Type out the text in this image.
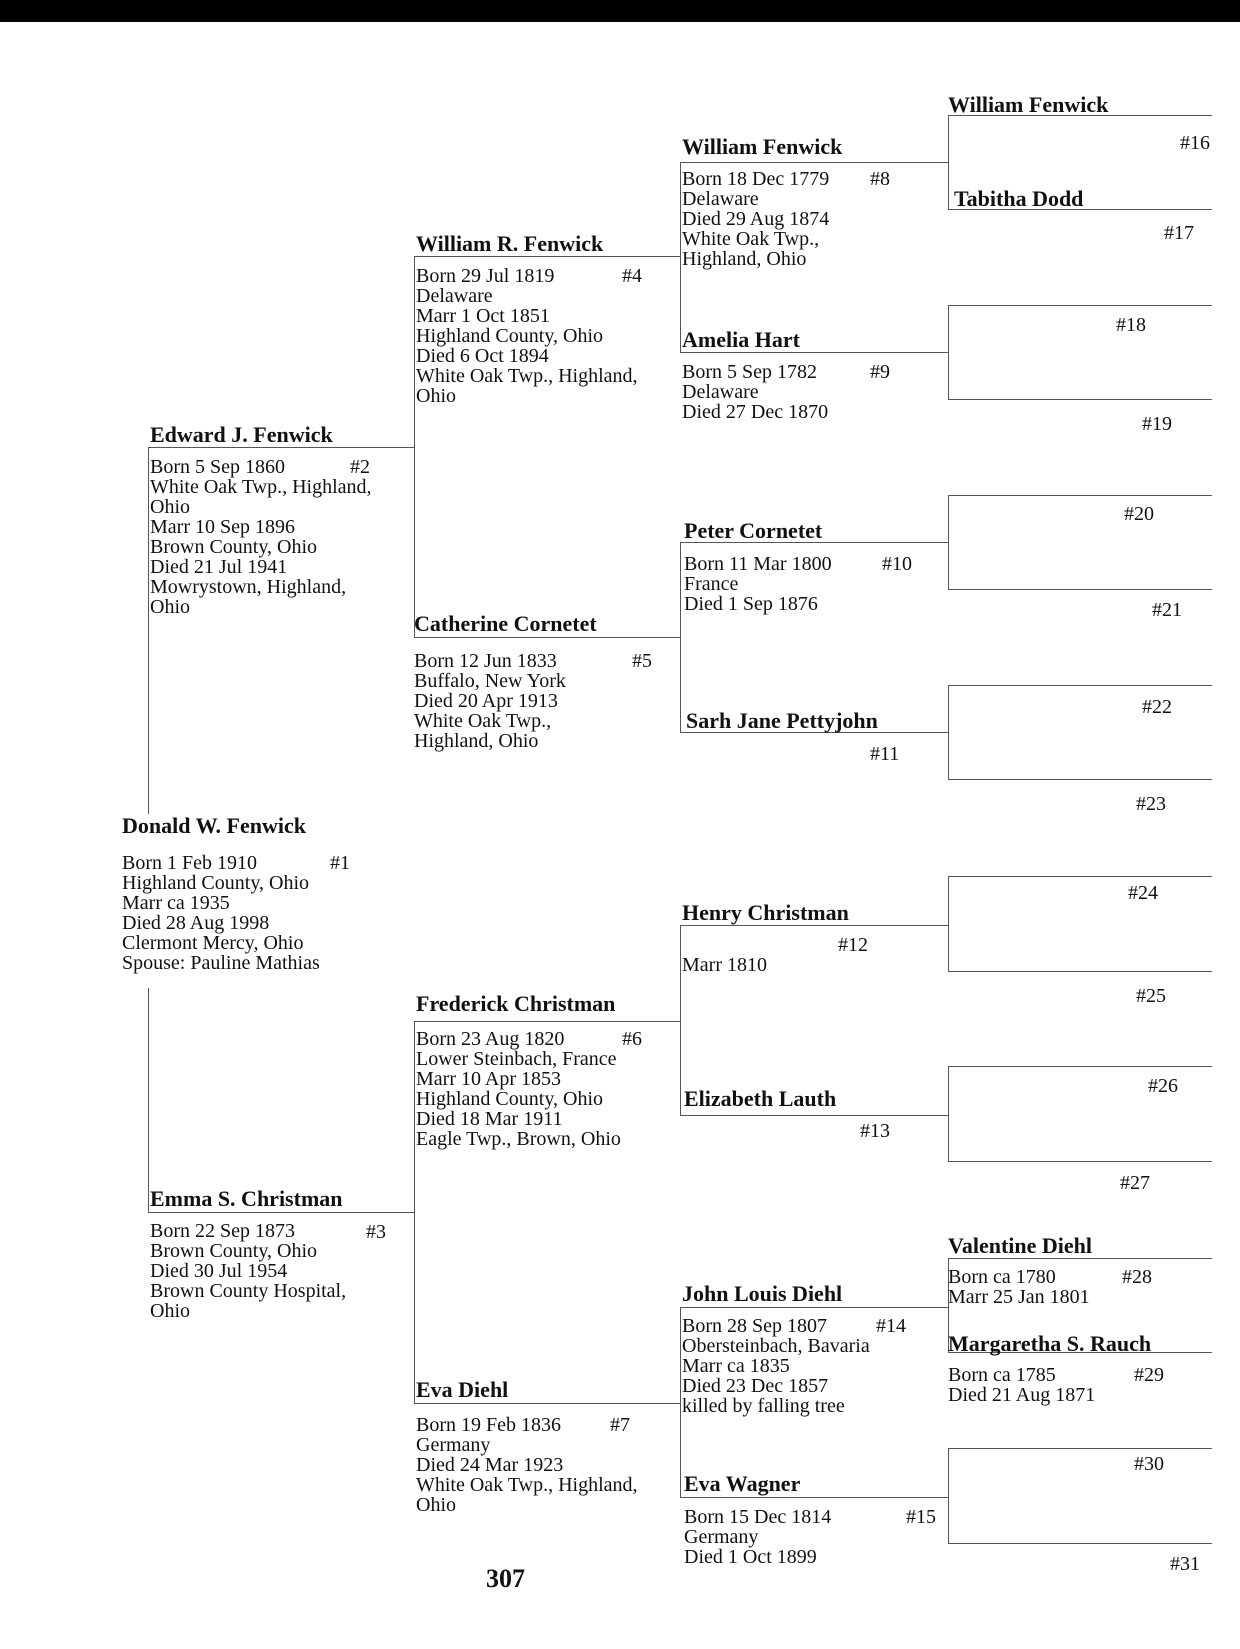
Donald W. Fenwick
#1
Born 1 Feb 1910
Highland County, Ohio
Marr ca 1935
Died 28 Aug 1998
Clermont Mercy, Ohio
Spouse: Pauline Mathias
Edward J. Fenwick
#2
Born 5 Sep 1860
White Oak Twp., Highland,
Ohio
Marr 10 Sep 1896
Brown County, Ohio
Died 21 Jul 1941
Mowrystown, Highland,
Ohio
Emma S. Christman
#3
Born 22 Sep 1873
Brown County, Ohio
Died 30 Jul 1954
Brown County Hospital,
Ohio
William R. Fenwick
#4
Born 29 Jul 1819
Delaware
Marr 1 Oct 1851
Highland County, Ohio
Died 6 Oct 1894
White Oak Twp., Highland,
Ohio
Catherine Cornetet
#5
Born 12 Jun 1833
Buffalo, New York
Died 20 Apr 1913
White Oak Twp.,
Highland, Ohio
Frederick Christman
#6
Born 23 Aug 1820
Lower Steinbach, France
Marr 10 Apr 1853
Highland County, Ohio
Died 18 Mar 1911
Eagle Twp., Brown, Ohio
Eva Diehl
#7
Born 19 Feb 1836
Germany
Died 24 Mar 1923
White Oak Twp., Highland,
Ohio
William Fenwick
#8
Born 18 Dec 1779
Delaware
Died 29 Aug 1874
White Oak Twp.,
Highland, Ohio
Amelia Hart
#9
Born 5 Sep 1782
Delaware
Died 27 Dec 1870
Peter Cornetet
#10
Born 11 Mar 1800
France
Died 1 Sep 1876
Sarh Jane Pettyjohn
#11
Henry Christman
#12
Marr 1810
Elizabeth Lauth
#13
John Louis Diehl
#14
Born 28 Sep 1807
Obersteinbach, Bavaria
Marr ca 1835
Died 23 Dec 1857
killed by falling tree
Eva Wagner
#15
Born 15 Dec 1814
Germany
Died 1 Oct 1899
William Fenwick
#16
Tabitha Dodd
#17
#18
#19
#20
#21
#22
#23
#24
#25
#26
#27
Valentine Diehl
#28
Born ca 1780
Marr 25 Jan 1801
Margaretha S. Rauch
#29
Born ca 1785
Died 21 Aug 1871
#30
#31
307
